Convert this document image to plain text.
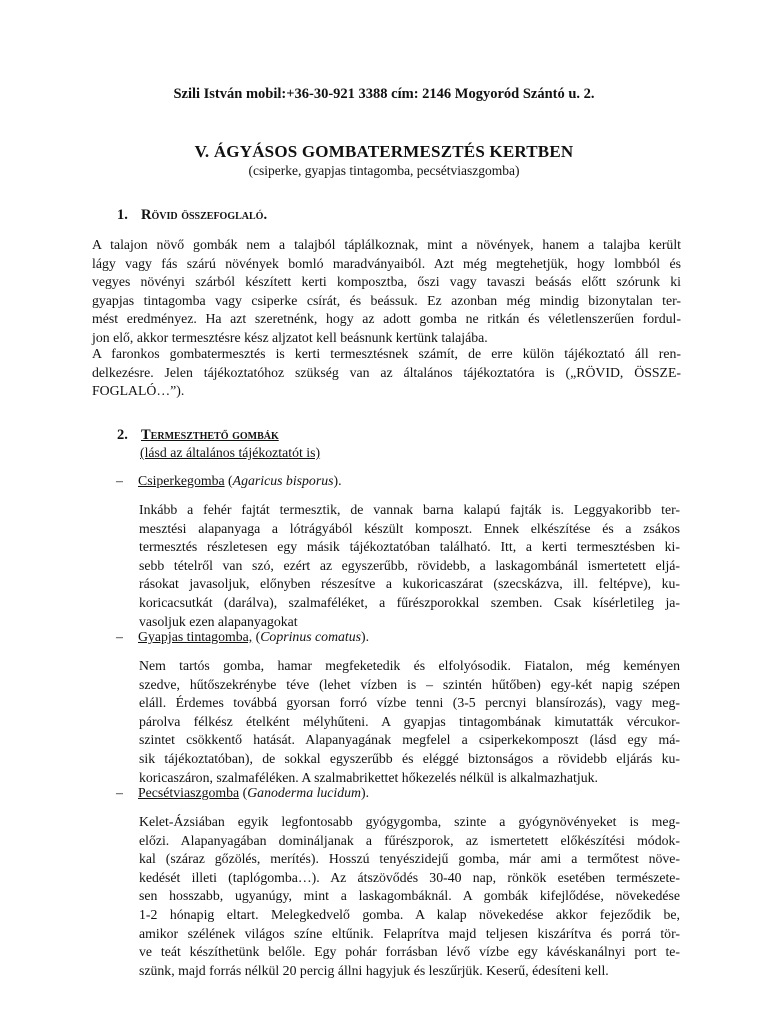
Szili István mobil:+36-30-921 3388 cím: 2146 Mogyoród Szántó u. 2.
V. ÁGYÁSOS GOMBATERMESZTÉS KERTBEN
(csiperke, gyapjas tintagomba, pecsétviaszgomba)
1. Rövid összefoglaló.
A talajon növő gombák nem a talajból táplálkoznak, mint a növények, hanem a talajba került
lágy vagy fás szárú növények bomló maradványaiból. Azt még megtehetjük, hogy lombból és
vegyes növényi szárból készített kerti komposztba, őszi vagy tavaszi beásás előtt szórunk ki
gyapjas tintagomba vagy csiperke csírát, és beássuk. Ez azonban még mindig bizonytalan ter-
mést eredményez. Ha azt szeretnénk, hogy az adott gomba ne ritkán és véletlenszerűen fordul-
jon elő, akkor termesztésre kész aljzatot kell beásnunk kertünk talajába.
A faronkos gombatermesztés is kerti termesztésnek számít, de erre külön tájékoztató áll ren-
delkezésre. Jelen tájékoztatóhoz szükség van az általános tájékoztatóra is („RÖVID, ÖSSZE-
FOGLALÓ…”).
2. Termeszthető gombák
(lásd az általános tájékoztatót is)
– Csiperkegomba (Agaricus bisporus).
Inkább a fehér fajtát termesztik, de vannak barna kalapú fajták is. Leggyakoribb ter-
mesztési alapanyaga a lótrágyából készült komposzt. Ennek elkészítése és a zsákos
termesztés részletesen egy másik tájékoztatóban található. Itt, a kerti termesztésben ki-
sebb tételről van szó, ezért az egyszerűbb, rövidebb, a laskagombánál ismertetett eljá-
rásokat javasoljuk, előnyben részesítve a kukoricaszárat (szecskázva, ill. feltépve), ku-
koricacsutkát (darálva), szalmaféléket, a fűrészporokkal szemben. Csak kísérletileg ja-
vasoljuk ezen alapanyagokat
– Gyapjas tintagomba, (Coprinus comatus).
Nem tartós gomba, hamar megfeketedik és elfolyósodik. Fiatalon, még keményen
szedve, hűtőszekrénybe téve (lehet vízben is – szintén hűtőben) egy-két napig szépen
eláll. Érdemes továbbá gyorsan forró vízbe tenni (3-5 percnyi blansírozás), vagy meg-
párolva félkész ételként mélyhűteni. A gyapjas tintagombának kimutatták vércukor-
szintet csökkentő hatását. Alapanyagának megfelel a csiperkekomposzt (lásd egy má-
sik tájékoztatóban), de sokkal egyszerűbb és eléggé biztonságos a rövidebb eljárás ku-
koricaszáron, szalmaféléken. A szalmabrikettet hőkezelés nélkül is alkalmazhatjuk.
– Pecsétviaszgomba (Ganoderma lucidum).
Kelet-Ázsiában egyik legfontosabb gyógygomba, szinte a gyógynövényeket is meg-
előzi. Alapanyagában domináljanak a fűrészporok, az ismertetett előkészítési módok-
kal (száraz gőzölés, merítés). Hosszú tenyészidejű gomba, már ami a termőtest növe-
kedését illeti (taplógomba…). Az átszövődés 30-40 nap, rönkök esetében természete-
sen hosszabb, ugyanúgy, mint a laskagombáknál. A gombák kifejlődése, növekedése
1-2 hónapig eltart. Melegkedvelő gomba. A kalap növekedése akkor fejeződik be,
amikor szélének világos színe eltűnik. Felaprítva majd teljesen kiszárítva és porrá tör-
ve teát készíthetünk belőle. Egy pohár forrásban lévő vízbe egy kávéskanálnyi port te-
szünk, majd forrás nélkül 20 percig állni hagyjuk és leszűrjük. Keserű, édesíteni kell.
